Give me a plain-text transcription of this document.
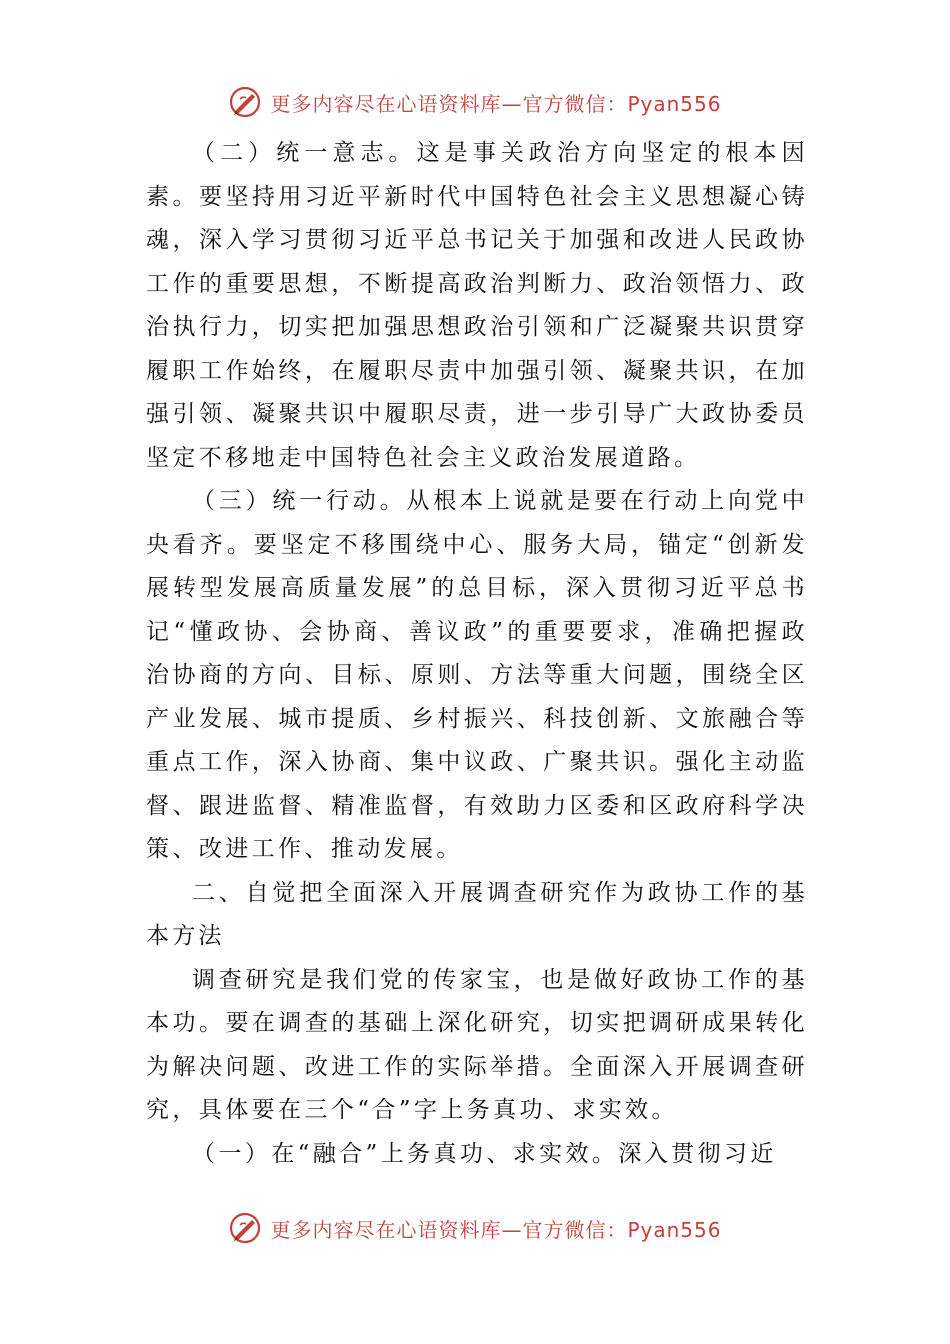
更多内容尽在心语资料库—官方微信：Pyan556

（二）统一意志。这是事关政治方向坚定的根本因素。要坚持用习近平新时代中国特色社会主义思想凝心铸魂，深入学习贯彻习近平总书记关于加强和改进人民政协工作的重要思想，不断提高政治判断力、政治领悟力、政治执行力，切实把加强思想政治引领和广泛凝聚共识贯穿履职工作始终，在履职尽责中加强引领、凝聚共识，在加强引领、凝聚共识中履职尽责，进一步引导广大政协委员坚定不移地走中国特色社会主义政治发展道路。

（三）统一行动。从根本上说就是要在行动上向党中央看齐。要坚定不移围绕中心、服务大局，锚定“创新发展转型发展高质量发展”的总目标，深入贯彻习近平总书记“懂政协、会协商、善议政”的重要要求，准确把握政治协商的方向、目标、原则、方法等重大问题，围绕全区产业发展、城市提质、乡村振兴、科技创新、文旅融合等重点工作，深入协商、集中议政、广聚共识。强化主动监督、跟进监督、精准监督，有效助力区委和区政府科学决策、改进工作、推动发展。

二、自觉把全面深入开展调查研究作为政协工作的基本方法

调查研究是我们党的传家宝，也是做好政协工作的基本功。要在调查的基础上深化研究，切实把调研成果转化为解决问题、改进工作的实际举措。全面深入开展调查研究，具体要在三个“合”字上务真功、求实效。

（一）在“融合”上务真功、求实效。深入贯彻习近

更多内容尽在心语资料库—官方微信：Pyan556
